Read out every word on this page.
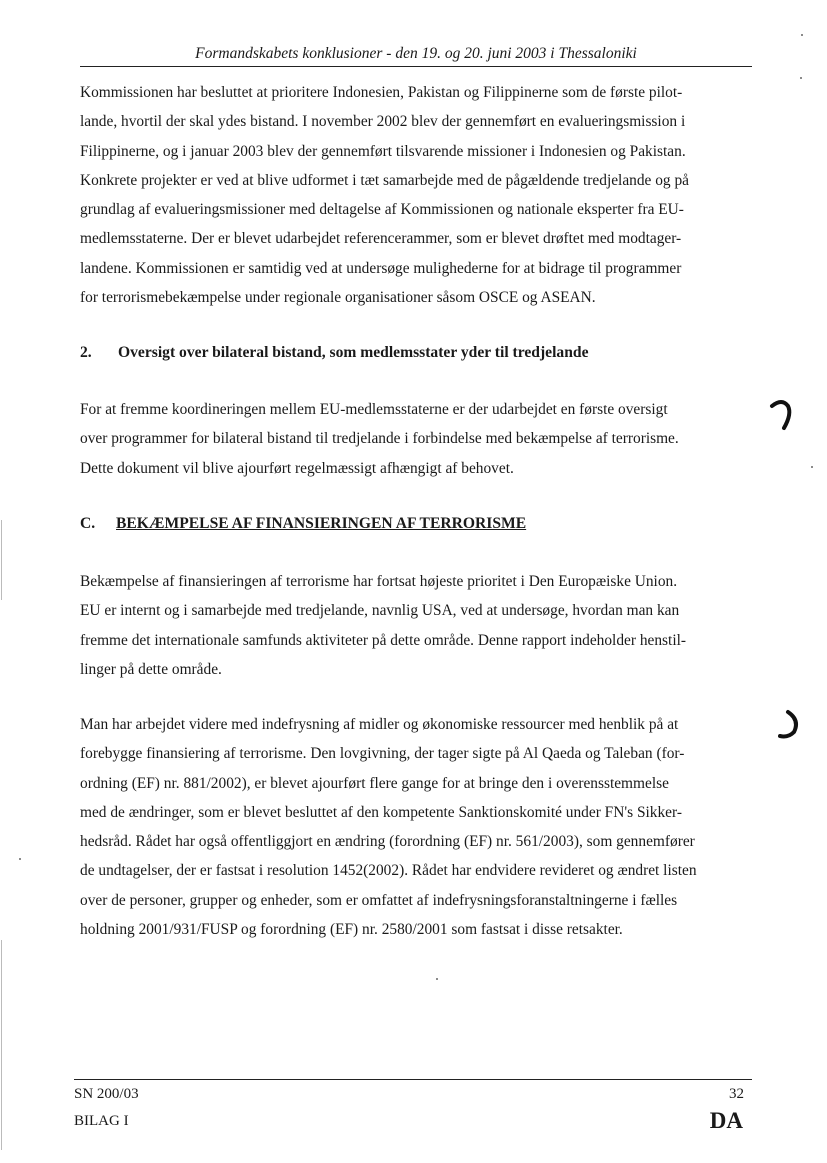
Formandskabets konklusioner - den 19. og 20. juni 2003 i Thessaloniki

Kommissionen har besluttet at prioritere Indonesien, Pakistan og Filippinerne som de første pilot-
lande, hvortil der skal ydes bistand. I november 2002 blev der gennemført en evalueringsmission i
Filippinerne, og i januar 2003 blev der gennemført tilsvarende missioner i Indonesien og Pakistan.
Konkrete projekter er ved at blive udformet i tæt samarbejde med de pågældende tredjelande og på
grundlag af evalueringsmissioner med deltagelse af Kommissionen og nationale eksperter fra EU-
medlemsstaterne. Der er blevet udarbejdet referencerammer, som er blevet drøftet med modtager-
landene. Kommissionen er samtidig ved at undersøge mulighederne for at bidrage til programmer
for terrorismebekæmpelse under regionale organisationer såsom OSCE og ASEAN.

2. Oversigt over bilateral bistand, som medlemsstater yder til tredjelande

For at fremme koordineringen mellem EU-medlemsstaterne er der udarbejdet en første oversigt
over programmer for bilateral bistand til tredjelande i forbindelse med bekæmpelse af terrorisme.
Dette dokument vil blive ajourført regelmæssigt afhængigt af behovet.

C. BEKÆMPELSE AF FINANSIERINGEN AF TERRORISME

Bekæmpelse af finansieringen af terrorisme har fortsat højeste prioritet i Den Europæiske Union.
EU er internt og i samarbejde med tredjelande, navnlig USA, ved at undersøge, hvordan man kan
fremme det internationale samfunds aktiviteter på dette område. Denne rapport indeholder henstil-
linger på dette område.

Man har arbejdet videre med indefrysning af midler og økonomiske ressourcer med henblik på at
forebygge finansiering af terrorisme. Den lovgivning, der tager sigte på Al Qaeda og Taleban (for-
ordning (EF) nr. 881/2002), er blevet ajourført flere gange for at bringe den i overensstemmelse
med de ændringer, som er blevet besluttet af den kompetente Sanktionskomité under FN's Sikker-
hedsråd. Rådet har også offentliggjort en ændring (forordning (EF) nr. 561/2003), som gennemfører
de undtagelser, der er fastsat i resolution 1452(2002). Rådet har endvidere revideret og ændret listen
over de personer, grupper og enheder, som er omfattet af indefrysningsforanstaltningerne i fælles
holdning 2001/931/FUSP og forordning (EF) nr. 2580/2001 som fastsat i disse retsakter.

SN 200/03
BILAG I
32
DA
